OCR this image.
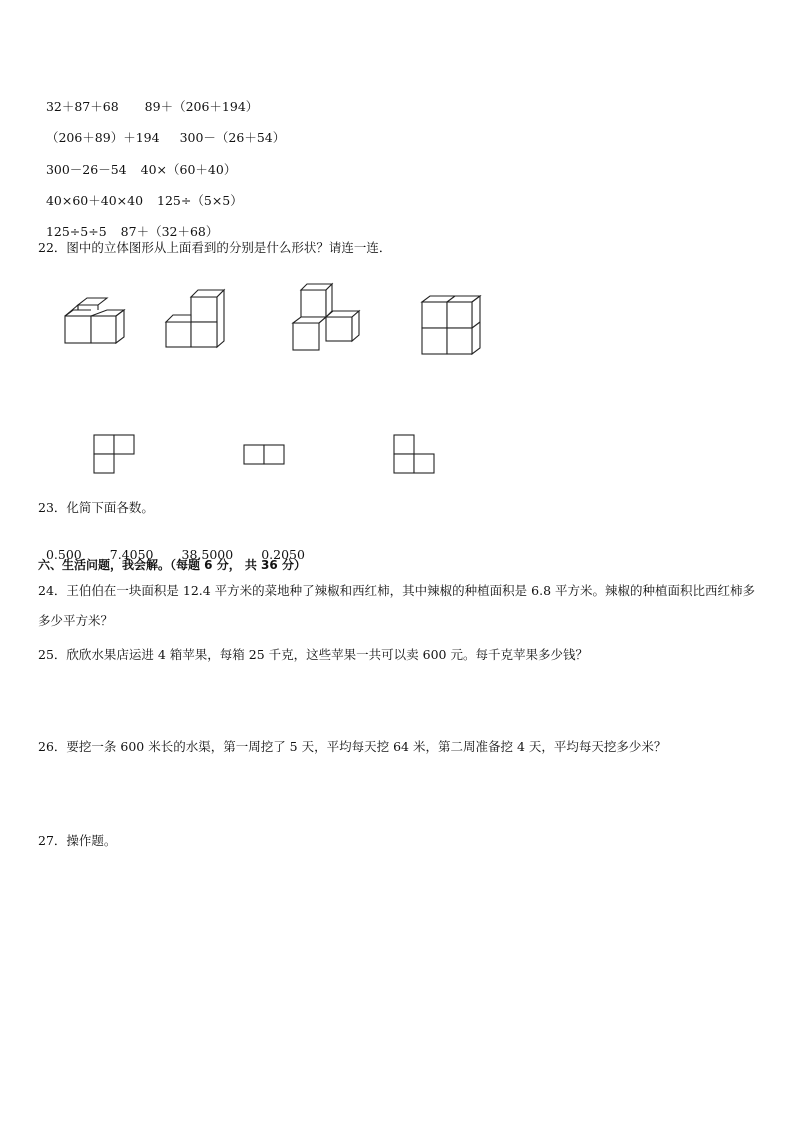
32＋87＋68 89＋（206＋194）

（206＋89）＋194 300－（26＋54）

300－26－54 40×（60＋40）

40×60＋40×40 125÷（5×5）

125÷5÷5 87＋（32＋68）

22．图中的立体图形从上面看到的分别是什么形状？请连一连．
23．化简下面各数。

0.500 7.4050 38.5000 0.2050

六、生活问题，我会解。（每题 6 分， 共 36 分）
24．王伯伯在一块面积是 12.4 平方米的菜地种了辣椒和西红柿，其中辣椒的种植面积是 6.8 平方米。辣椒的种植面积比西红柿多多少平方米？
25．欣欣水果店运进 4 箱苹果，每箱 25 千克，这些苹果一共可以卖 600 元。每千克苹果多少钱？
26．要挖一条 600 米长的水渠，第一周挖了 5 天，平均每天挖 64 米，第二周准备挖 4 天，平均每天挖多少米？
27．操作题。
